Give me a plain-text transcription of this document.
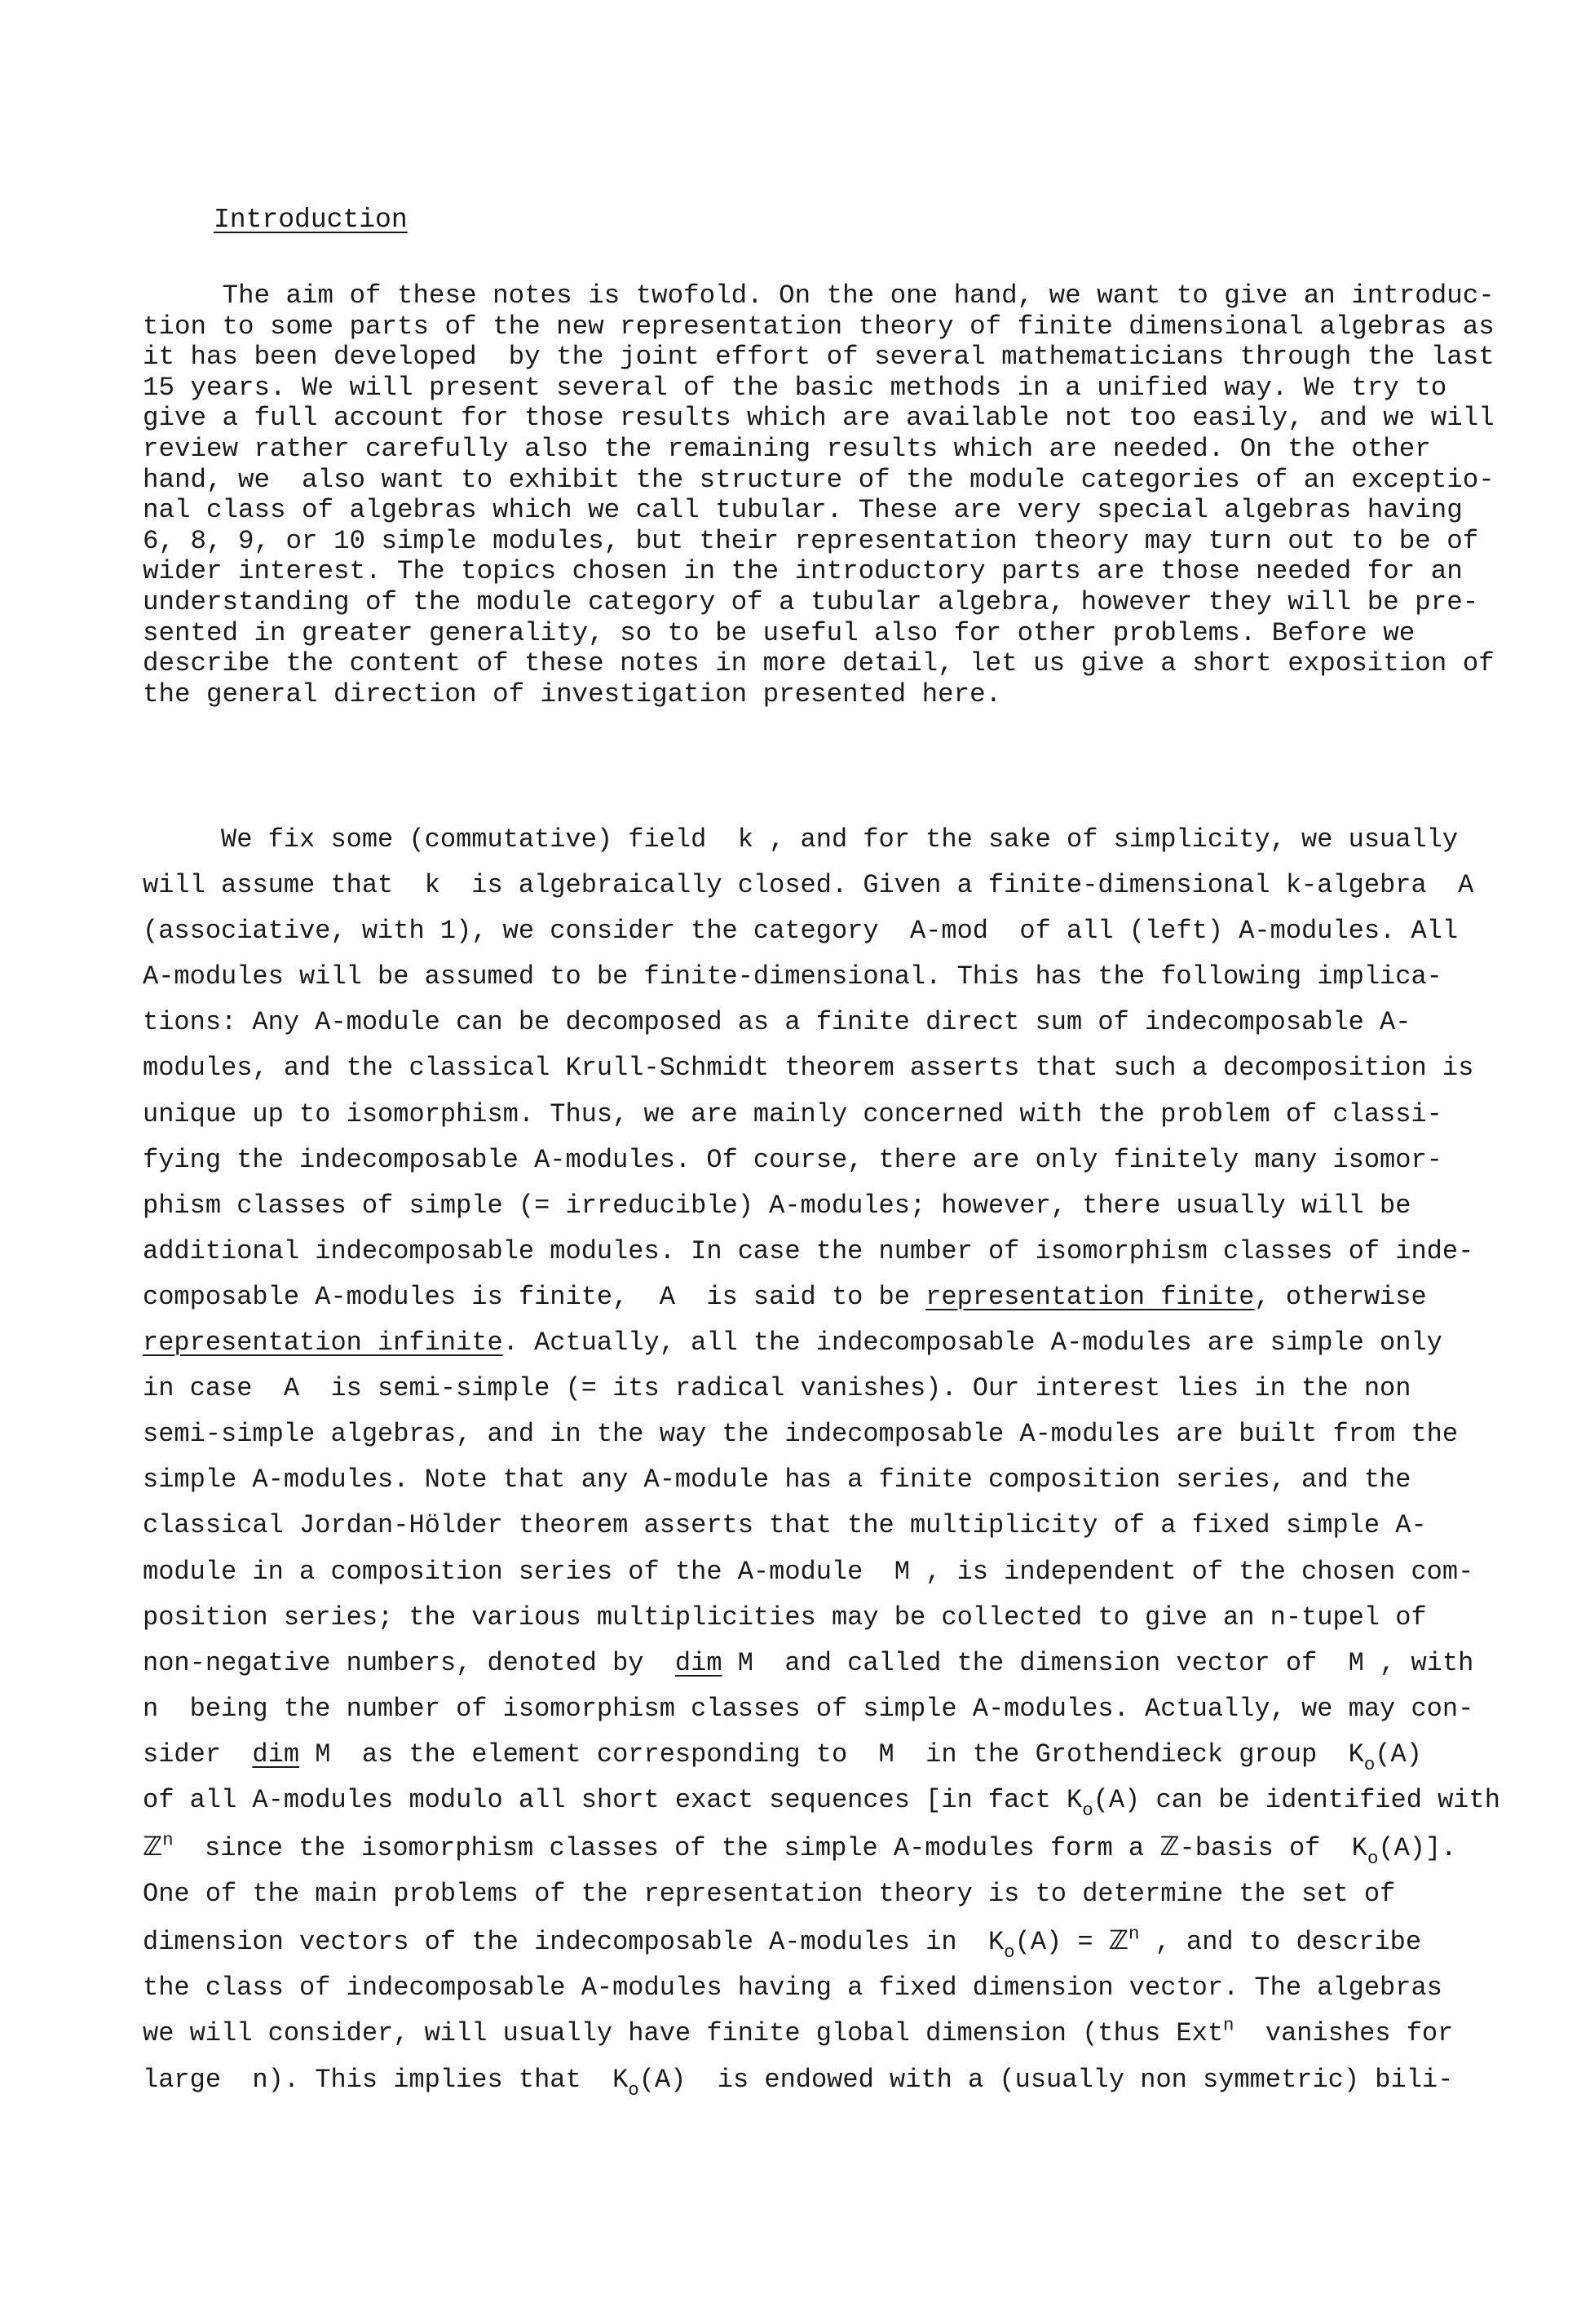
Introduction
The aim of these notes is twofold. On the one hand, we want to give an introduc-
tion to some parts of the new representation theory of finite dimensional algebras as
it has been developed  by the joint effort of several mathematicians through the last
15 years. We will present several of the basic methods in a unified way. We try to
give a full account for those results which are available not too easily, and we will
review rather carefully also the remaining results which are needed. On the other
hand, we  also want to exhibit the structure of the module categories of an exceptio-
nal class of algebras which we call tubular. These are very special algebras having
6, 8, 9, or 10 simple modules, but their representation theory may turn out to be of
wider interest. The topics chosen in the introductory parts are those needed for an
understanding of the module category of a tubular algebra, however they will be pre-
sented in greater generality, so to be useful also for other problems. Before we
describe the content of these notes in more detail, let us give a short exposition of
the general direction of investigation presented here.
We fix some (commutative) field  k , and for the sake of simplicity, we usually
will assume that  k  is algebraically closed. Given a finite-dimensional k-algebra  A
(associative, with 1), we consider the category  A-mod  of all (left) A-modules. All
A-modules will be assumed to be finite-dimensional. This has the following implica-
tions: Any A-module can be decomposed as a finite direct sum of indecomposable A-
modules, and the classical Krull-Schmidt theorem asserts that such a decomposition is
unique up to isomorphism. Thus, we are mainly concerned with the problem of classi-
fying the indecomposable A-modules. Of course, there are only finitely many isomor-
phism classes of simple (= irreducible) A-modules; however, there usually will be
additional indecomposable modules. In case the number of isomorphism classes of inde-
composable A-modules is finite,  A  is said to be representation finite, otherwise
representation infinite. Actually, all the indecomposable A-modules are simple only
in case  A  is semi-simple (= its radical vanishes). Our interest lies in the non
semi-simple algebras, and in the way the indecomposable A-modules are built from the
simple A-modules. Note that any A-module has a finite composition series, and the
classical Jordan-Hölder theorem asserts that the multiplicity of a fixed simple A-
module in a composition series of the A-module  M , is independent of the chosen com-
position series; the various multiplicities may be collected to give an n-tupel of
non-negative numbers, denoted by  dim M  and called the dimension vector of  M , with
n  being the number of isomorphism classes of simple A-modules. Actually, we may con-
sider  dim M  as the element corresponding to  M  in the Grothendieck group  $K_o(A)$
of all A-modules modulo all short exact sequences [in fact $K_o(A)$ can be identified with
ℤ$^n$  since the isomorphism classes of the simple A-modules form a ℤ-basis of  $K_o(A)$].
One of the main problems of the representation theory is to determine the set of
dimension vectors of the indecomposable A-modules in  $K_o(A)$ = ℤ$^n$ , and to describe
the class of indecomposable A-modules having a fixed dimension vector. The algebras
we will consider, will usually have finite global dimension (thus Ext$^n$  vanishes for
large  n). This implies that  $K_o(A)$  is endowed with a (usually non symmetric) bili-
